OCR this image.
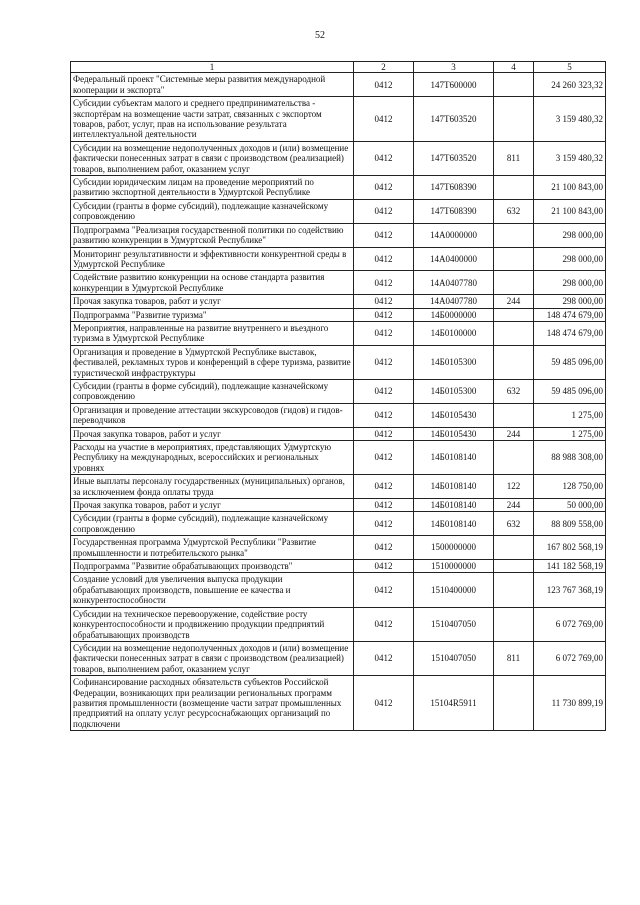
52
1	2	3	4	5
Федеральный проект "Системные меры развития международной кооперации и экспорта"	0412	147Т600000		24 260 323,32
Субсидии субъектам малого и среднего предпринимательства - экспортёрам на возмещение части затрат, связанных с экспортом товаров, работ, услуг, прав на использование результата интеллектуальной деятельности	0412	147Т603520		3 159 480,32
Субсидии на возмещение недополученных доходов и (или) возмещение фактически понесенных затрат в связи с производством (реализацией) товаров, выполнением работ, оказанием услуг	0412	147Т603520	811	3 159 480,32
Субсидии юридическим лицам на проведение мероприятий по развитию экспортной деятельности в Удмуртской Республике	0412	147Т608390		21 100 843,00
Субсидии (гранты в форме субсидий), подлежащие казначейскому сопровождению	0412	147Т608390	632	21 100 843,00
Подпрограмма "Реализация государственной политики по содействию развитию конкуренции в Удмуртской Республике"	0412	14А0000000		298 000,00
Мониторинг результативности и эффективности конкурентной среды в Удмуртской Республике	0412	14А0400000		298 000,00
Содействие развитию конкуренции на основе стандарта развития конкуренции в Удмуртской Республике	0412	14А0407780		298 000,00
Прочая закупка товаров, работ и услуг	0412	14А0407780	244	298 000,00
Подпрограмма "Развитие туризма"	0412	14Б0000000		148 474 679,00
Мероприятия, направленные на развитие внутреннего и въездного туризма в Удмуртской Республике	0412	14Б0100000		148 474 679,00
Организация и проведение в Удмуртской Республике выставок, фестивалей, рекламных туров и конференций в сфере туризма, развитие туристической инфраструктуры	0412	14Б0105300		59 485 096,00
Субсидии (гранты в форме субсидий), подлежащие казначейскому сопровождению	0412	14Б0105300	632	59 485 096,00
Организация и проведение аттестации экскурсоводов (гидов) и гидов-переводчиков	0412	14Б0105430		1 275,00
Прочая закупка товаров, работ и услуг	0412	14Б0105430	244	1 275,00
Расходы на участие в мероприятиях, представляющих Удмуртскую Республику на международных, всероссийских и региональных уровнях	0412	14Б0108140		88 988 308,00
Иные выплаты персоналу государственных (муниципальных) органов, за исключением фонда оплаты труда	0412	14Б0108140	122	128 750,00
Прочая закупка товаров, работ и услуг	0412	14Б0108140	244	50 000,00
Субсидии (гранты в форме субсидий), подлежащие казначейскому сопровождению	0412	14Б0108140	632	88 809 558,00
Государственная программа Удмуртской Республики "Развитие промышленности и потребительского рынка"	0412	1500000000		167 802 568,19
Подпрограмма "Развитие обрабатывающих производств"	0412	1510000000		141 182 568,19
Создание условий для увеличения выпуска продукции обрабатывающих производств, повышение ее качества и конкурентоспособности	0412	1510400000		123 767 368,19
Субсидии на техническое перевооружение, содействие росту конкурентоспособности и продвижению продукции предприятий обрабатывающих производств	0412	1510407050		6 072 769,00
Субсидии на возмещение недополученных доходов и (или) возмещение фактически понесенных затрат в связи с производством (реализацией) товаров, выполнением работ, оказанием услуг	0412	1510407050	811	6 072 769,00
Софинансирование расходных обязательств субъектов Российской Федерации, возникающих при реализации региональных программ развития промышленности (возмещение части затрат промышленных предприятий на оплату услуг ресурсоснабжающих организаций по подключени	0412	15104R5911		11 730 899,19
